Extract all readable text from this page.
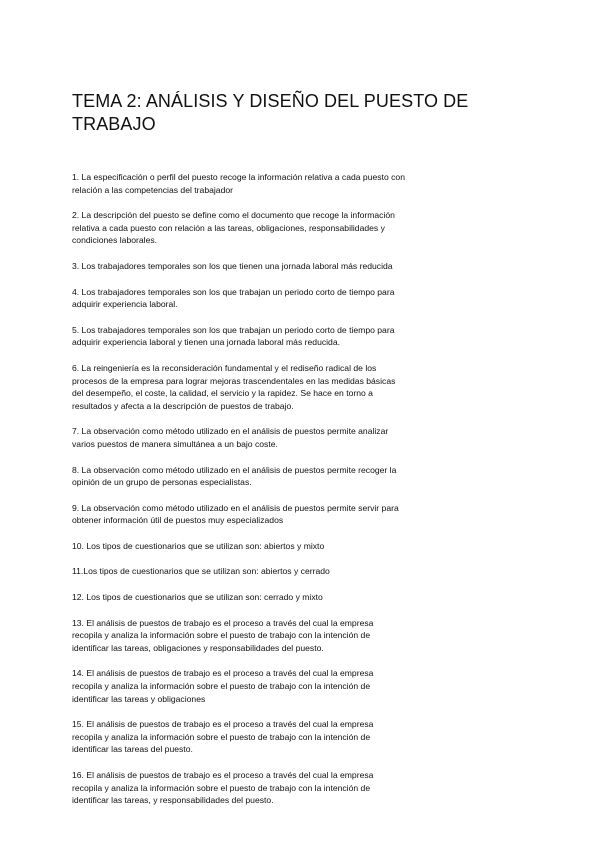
TEMA 2: ANÁLISIS Y DISEÑO DEL PUESTO DE
TRABAJO

1. La especificación o perfil del puesto recoge la información relativa a cada puesto con
relación a las competencias del trabajador

2. La descripción del puesto se define como el documento que recoge la información
relativa a cada puesto con relación a las tareas, obligaciones, responsabilidades y
condiciones laborales.

3. Los trabajadores temporales son los que tienen una jornada laboral más reducida

4. Los trabajadores temporales son los que trabajan un periodo corto de tiempo para
adquirir experiencia laboral.

5. Los trabajadores temporales son los que trabajan un periodo corto de tiempo para
adquirir experiencia laboral y tienen una jornada laboral más reducida.

6. La reingeniería es la reconsideración fundamental y el rediseño radical de los
procesos de la empresa para lograr mejoras trascendentales en las medidas básicas
del desempeño, el coste, la calidad, el servicio y la rapidez. Se hace en torno a
resultados y afecta a la descripción de puestos de trabajo.

7. La observación como método utilizado en el análisis de puestos permite analizar
varios puestos de manera simultánea a un bajo coste.

8. La observación como método utilizado en el análisis de puestos permite recoger la
opinión de un grupo de personas especialistas.

9. La observación como método utilizado en el análisis de puestos permite servir para
obtener información útil de puestos muy especializados

10. Los tipos de cuestionarios que se utilizan son: abiertos y mixto

11.Los tipos de cuestionarios que se utilizan son: abiertos y cerrado

12. Los tipos de cuestionarios que se utilizan son: cerrado y mixto

13. El análisis de puestos de trabajo es el proceso a través del cual la empresa
recopila y analiza la información sobre el puesto de trabajo con la intención de
identificar las tareas, obligaciones y responsabilidades del puesto.

14. El análisis de puestos de trabajo es el proceso a través del cual la empresa
recopila y analiza la información sobre el puesto de trabajo con la intención de
identificar las tareas y obligaciones

15. El análisis de puestos de trabajo es el proceso a través del cual la empresa
recopila y analiza la información sobre el puesto de trabajo con la intención de
identificar las tareas del puesto.

16. El análisis de puestos de trabajo es el proceso a través del cual la empresa
recopila y analiza la información sobre el puesto de trabajo con la intención de
identificar las tareas, y responsabilidades del puesto.
